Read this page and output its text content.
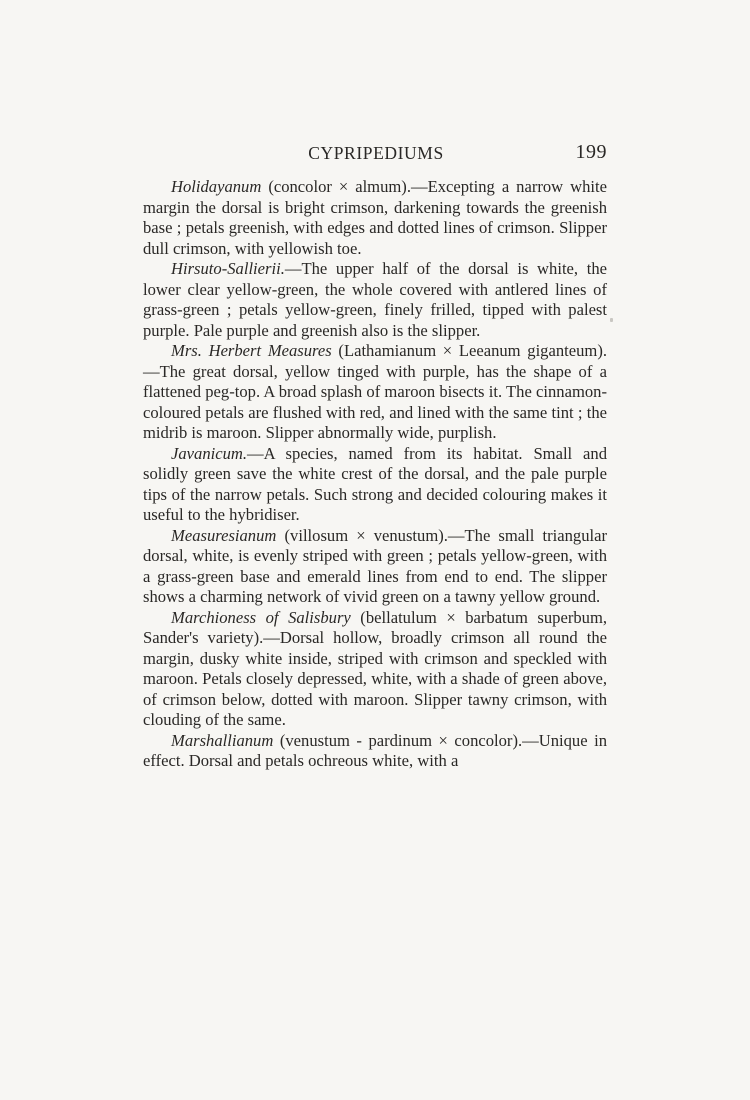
CYPRIPEDIUMS	199

Holidayanum (concolor × almum).—Excepting a narrow white margin the dorsal is bright crimson, darkening towards the greenish base ; petals greenish, with edges and dotted lines of crimson. Slipper dull crimson, with yellowish toe.

Hirsuto-Sallierii.—The upper half of the dorsal is white, the lower clear yellow-green, the whole covered with antlered lines of grass-green ; petals yellow-green, finely frilled, tipped with palest purple. Pale purple and greenish also is the slipper.

Mrs. Herbert Measures (Lathamianum × Leeanum giganteum).—The great dorsal, yellow tinged with purple, has the shape of a flattened peg-top. A broad splash of maroon bisects it. The cinnamon-coloured petals are flushed with red, and lined with the same tint ; the midrib is maroon. Slipper abnormally wide, purplish.

Javanicum.—A species, named from its habitat. Small and solidly green save the white crest of the dorsal, and the pale purple tips of the narrow petals. Such strong and decided colouring makes it useful to the hybridiser.

Measuresianum (villosum × venustum).—The small triangular dorsal, white, is evenly striped with green ; petals yellow-green, with a grass-green base and emerald lines from end to end. The slipper shows a charming network of vivid green on a tawny yellow ground.

Marchioness of Salisbury (bellatulum × barbatum superbum, Sander's variety).—Dorsal hollow, broadly crimson all round the margin, dusky white inside, striped with crimson and speckled with maroon. Petals closely depressed, white, with a shade of green above, of crimson below, dotted with maroon. Slipper tawny crimson, with clouding of the same.

Marshallianum (venustum - pardinum × concolor).—Unique in effect. Dorsal and petals ochreous white, with a
